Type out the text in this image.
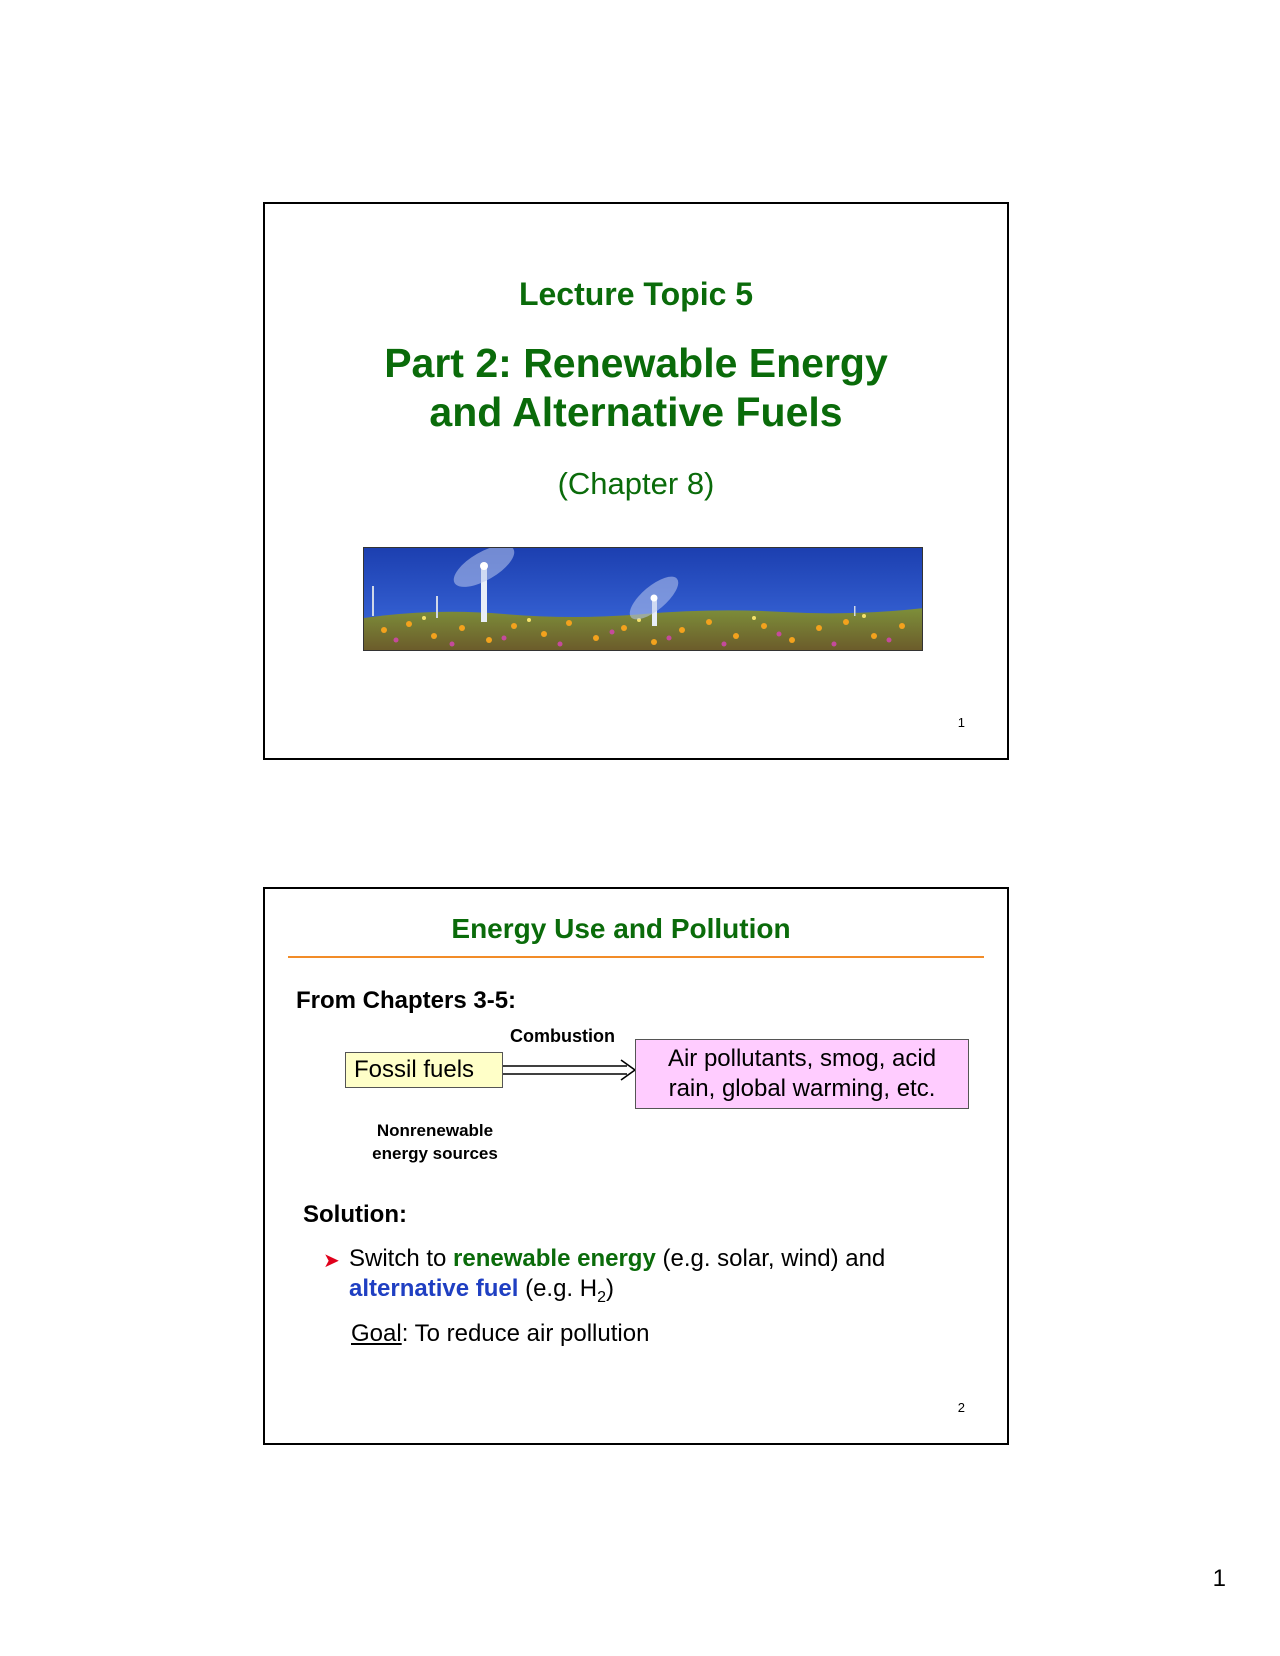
Lecture Topic 5
Part 2: Renewable Energy
and Alternative Fuels
(Chapter 8)
1
Energy Use and Pollution
From Chapters 3-5:
Combustion
Fossil fuels	Air pollutants, smog, acid
rain, global warming, etc.
Nonrenewable
energy sources
Solution:
➤ Switch to renewable energy (e.g. solar, wind) and
alternative fuel (e.g. $H_2$)
Goal: To reduce air pollution
2
1
